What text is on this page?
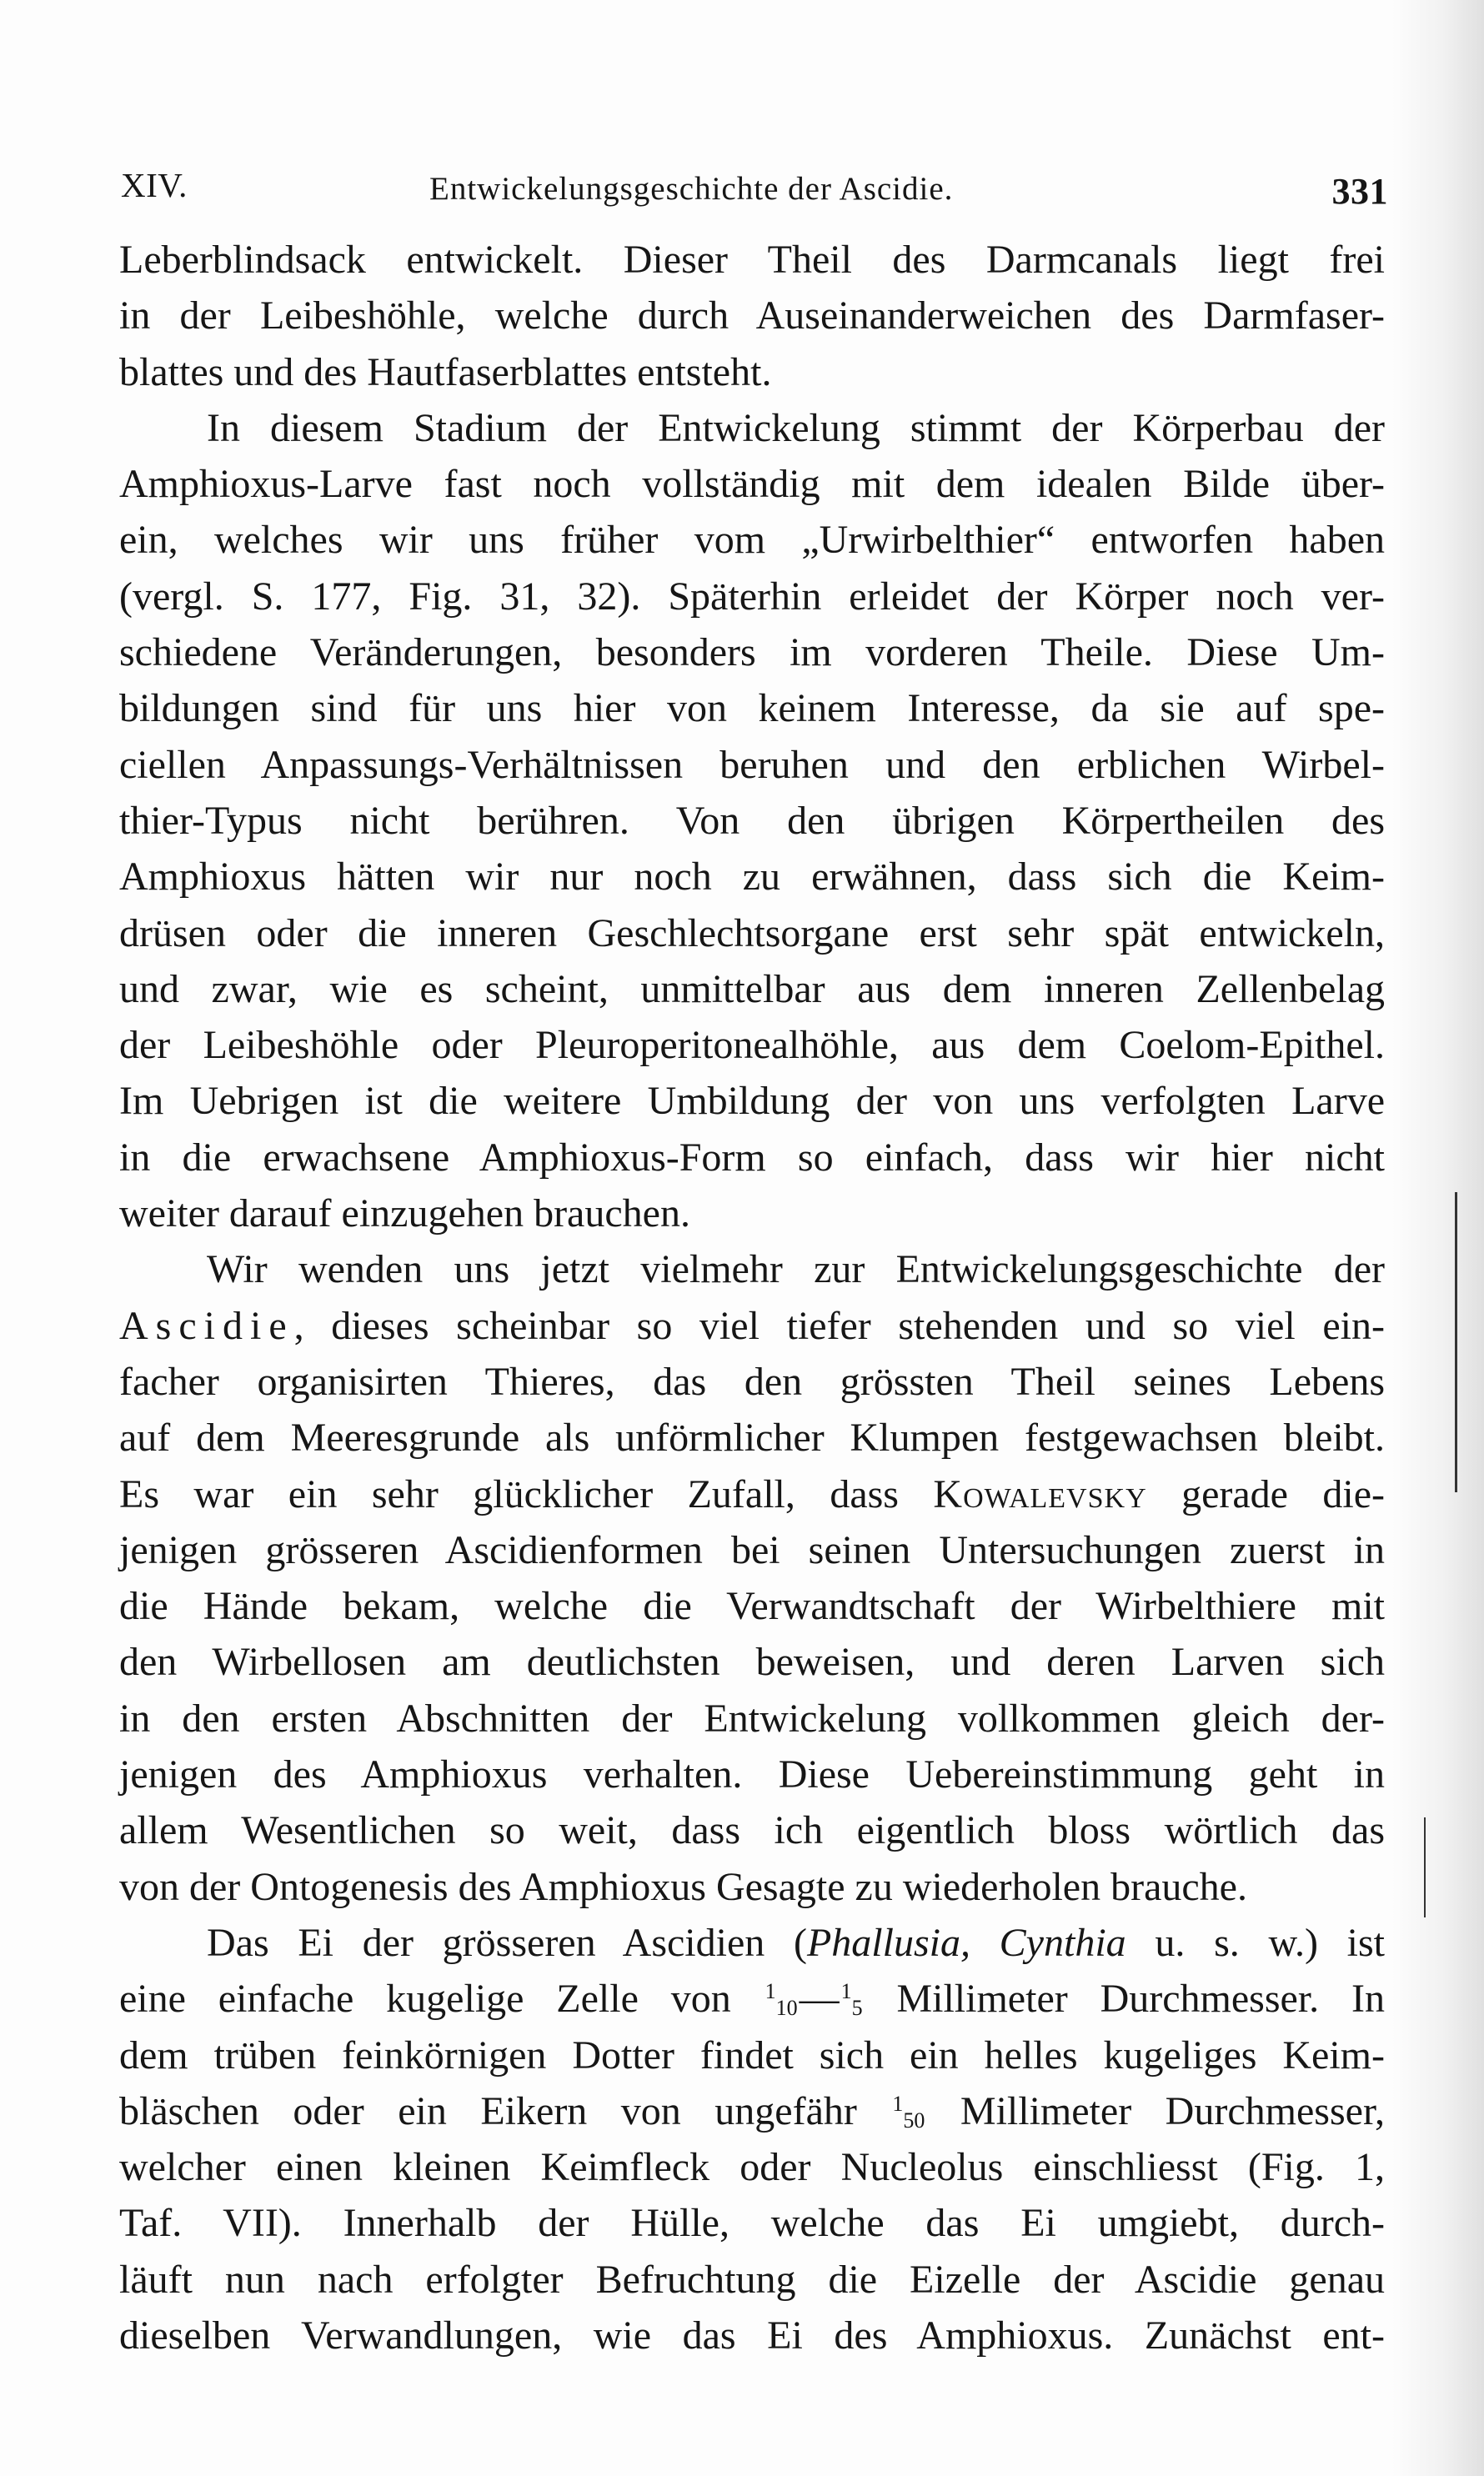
XIV.	Entwickelungsgeschichte der Ascidie.	331
Leberblindsack entwickelt. Dieser Theil des Darmcanals liegt frei
in der Leibeshöhle, welche durch Auseinanderweichen des Darmfaser-
blattes und des Hautfaserblattes entsteht.
In diesem Stadium der Entwickelung stimmt der Körperbau der
Amphioxus-Larve fast noch vollständig mit dem idealen Bilde über-
ein, welches wir uns früher vom „Urwirbelthier“ entworfen haben
(vergl. S. 177, Fig. 31, 32). Späterhin erleidet der Körper noch ver-
schiedene Veränderungen, besonders im vorderen Theile. Diese Um-
bildungen sind für uns hier von keinem Interesse, da sie auf spe-
ciellen Anpassungs-Verhältnissen beruhen und den erblichen Wirbel-
thier-Typus nicht berühren. Von den übrigen Körpertheilen des
Amphioxus hätten wir nur noch zu erwähnen, dass sich die Keim-
drüsen oder die inneren Geschlechtsorgane erst sehr spät entwickeln,
und zwar, wie es scheint, unmittelbar aus dem inneren Zellenbelag
der Leibeshöhle oder Pleuroperitonealhöhle, aus dem Coelom-Epithel.
Im Uebrigen ist die weitere Umbildung der von uns verfolgten Larve
in die erwachsene Amphioxus-Form so einfach, dass wir hier nicht
weiter darauf einzugehen brauchen.
Wir wenden uns jetzt vielmehr zur Entwickelungsgeschichte der
Ascidie, dieses scheinbar so viel tiefer stehenden und so viel ein-
facher organisirten Thieres, das den grössten Theil seines Lebens
auf dem Meeresgrunde als unförmlicher Klumpen festgewachsen bleibt.
Es war ein sehr glücklicher Zufall, dass Kowalevsky gerade die-
jenigen grösseren Ascidienformen bei seinen Untersuchungen zuerst in
die Hände bekam, welche die Verwandtschaft der Wirbelthiere mit
den Wirbellosen am deutlichsten beweisen, und deren Larven sich
in den ersten Abschnitten der Entwickelung vollkommen gleich der-
jenigen des Amphioxus verhalten. Diese Uebereinstimmung geht in
allem Wesentlichen so weit, dass ich eigentlich bloss wörtlich das
von der Ontogenesis des Amphioxus Gesagte zu wiederholen brauche.
Das Ei der grösseren Ascidien (Phallusia, Cynthia u. s. w.) ist
eine einfache kugelige Zelle von 110—15 Millimeter Durchmesser. In
dem trüben feinkörnigen Dotter findet sich ein helles kugeliges Keim-
bläschen oder ein Eikern von ungefähr 150 Millimeter Durchmesser,
welcher einen kleinen Keimfleck oder Nucleolus einschliesst (Fig. 1,
Taf. VII). Innerhalb der Hülle, welche das Ei umgiebt, durch-
läuft nun nach erfolgter Befruchtung die Eizelle der Ascidie genau
dieselben Verwandlungen, wie das Ei des Amphioxus. Zunächst ent-
